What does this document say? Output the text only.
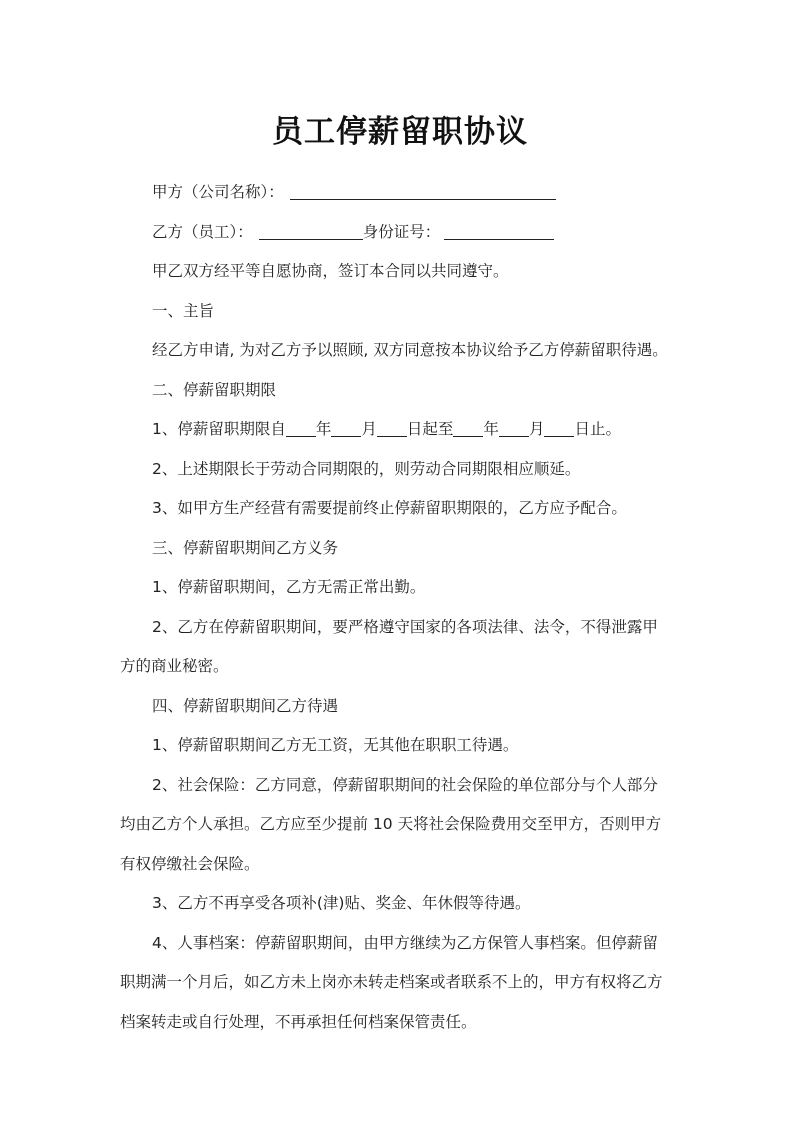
员工停薪留职协议
甲方（公司名称）：
乙方（员工）：	身份证号：
甲乙双方经平等自愿协商，签订本合同以共同遵守。
一、主旨
经乙方申请, 为对乙方予以照顾, 双方同意按本协议给予乙方停薪留职待遇。
二、停薪留职期限
1、停薪留职期限自 年 月 日起至 年 月 日止。
2、上述期限长于劳动合同期限的，则劳动合同期限相应顺延。
3、如甲方生产经营有需要提前终止停薪留职期限的，乙方应予配合。
三、停薪留职期间乙方义务
1、停薪留职期间，乙方无需正常出勤。
2、乙方在停薪留职期间，要严格遵守国家的各项法律、法令，不得泄露甲
方的商业秘密。
四、停薪留职期间乙方待遇
1、停薪留职期间乙方无工资，无其他在职职工待遇。
2、社会保险：乙方同意，停薪留职期间的社会保险的单位部分与个人部分
均由乙方个人承担。乙方应至少提前 10 天将社会保险费用交至甲方，否则甲方
有权停缴社会保险。
3、乙方不再享受各项补(津)贴、奖金、年休假等待遇。
4、人事档案：停薪留职期间，由甲方继续为乙方保管人事档案。但停薪留
职期满一个月后，如乙方未上岗亦未转走档案或者联系不上的，甲方有权将乙方
档案转走或自行处理，不再承担任何档案保管责任。
